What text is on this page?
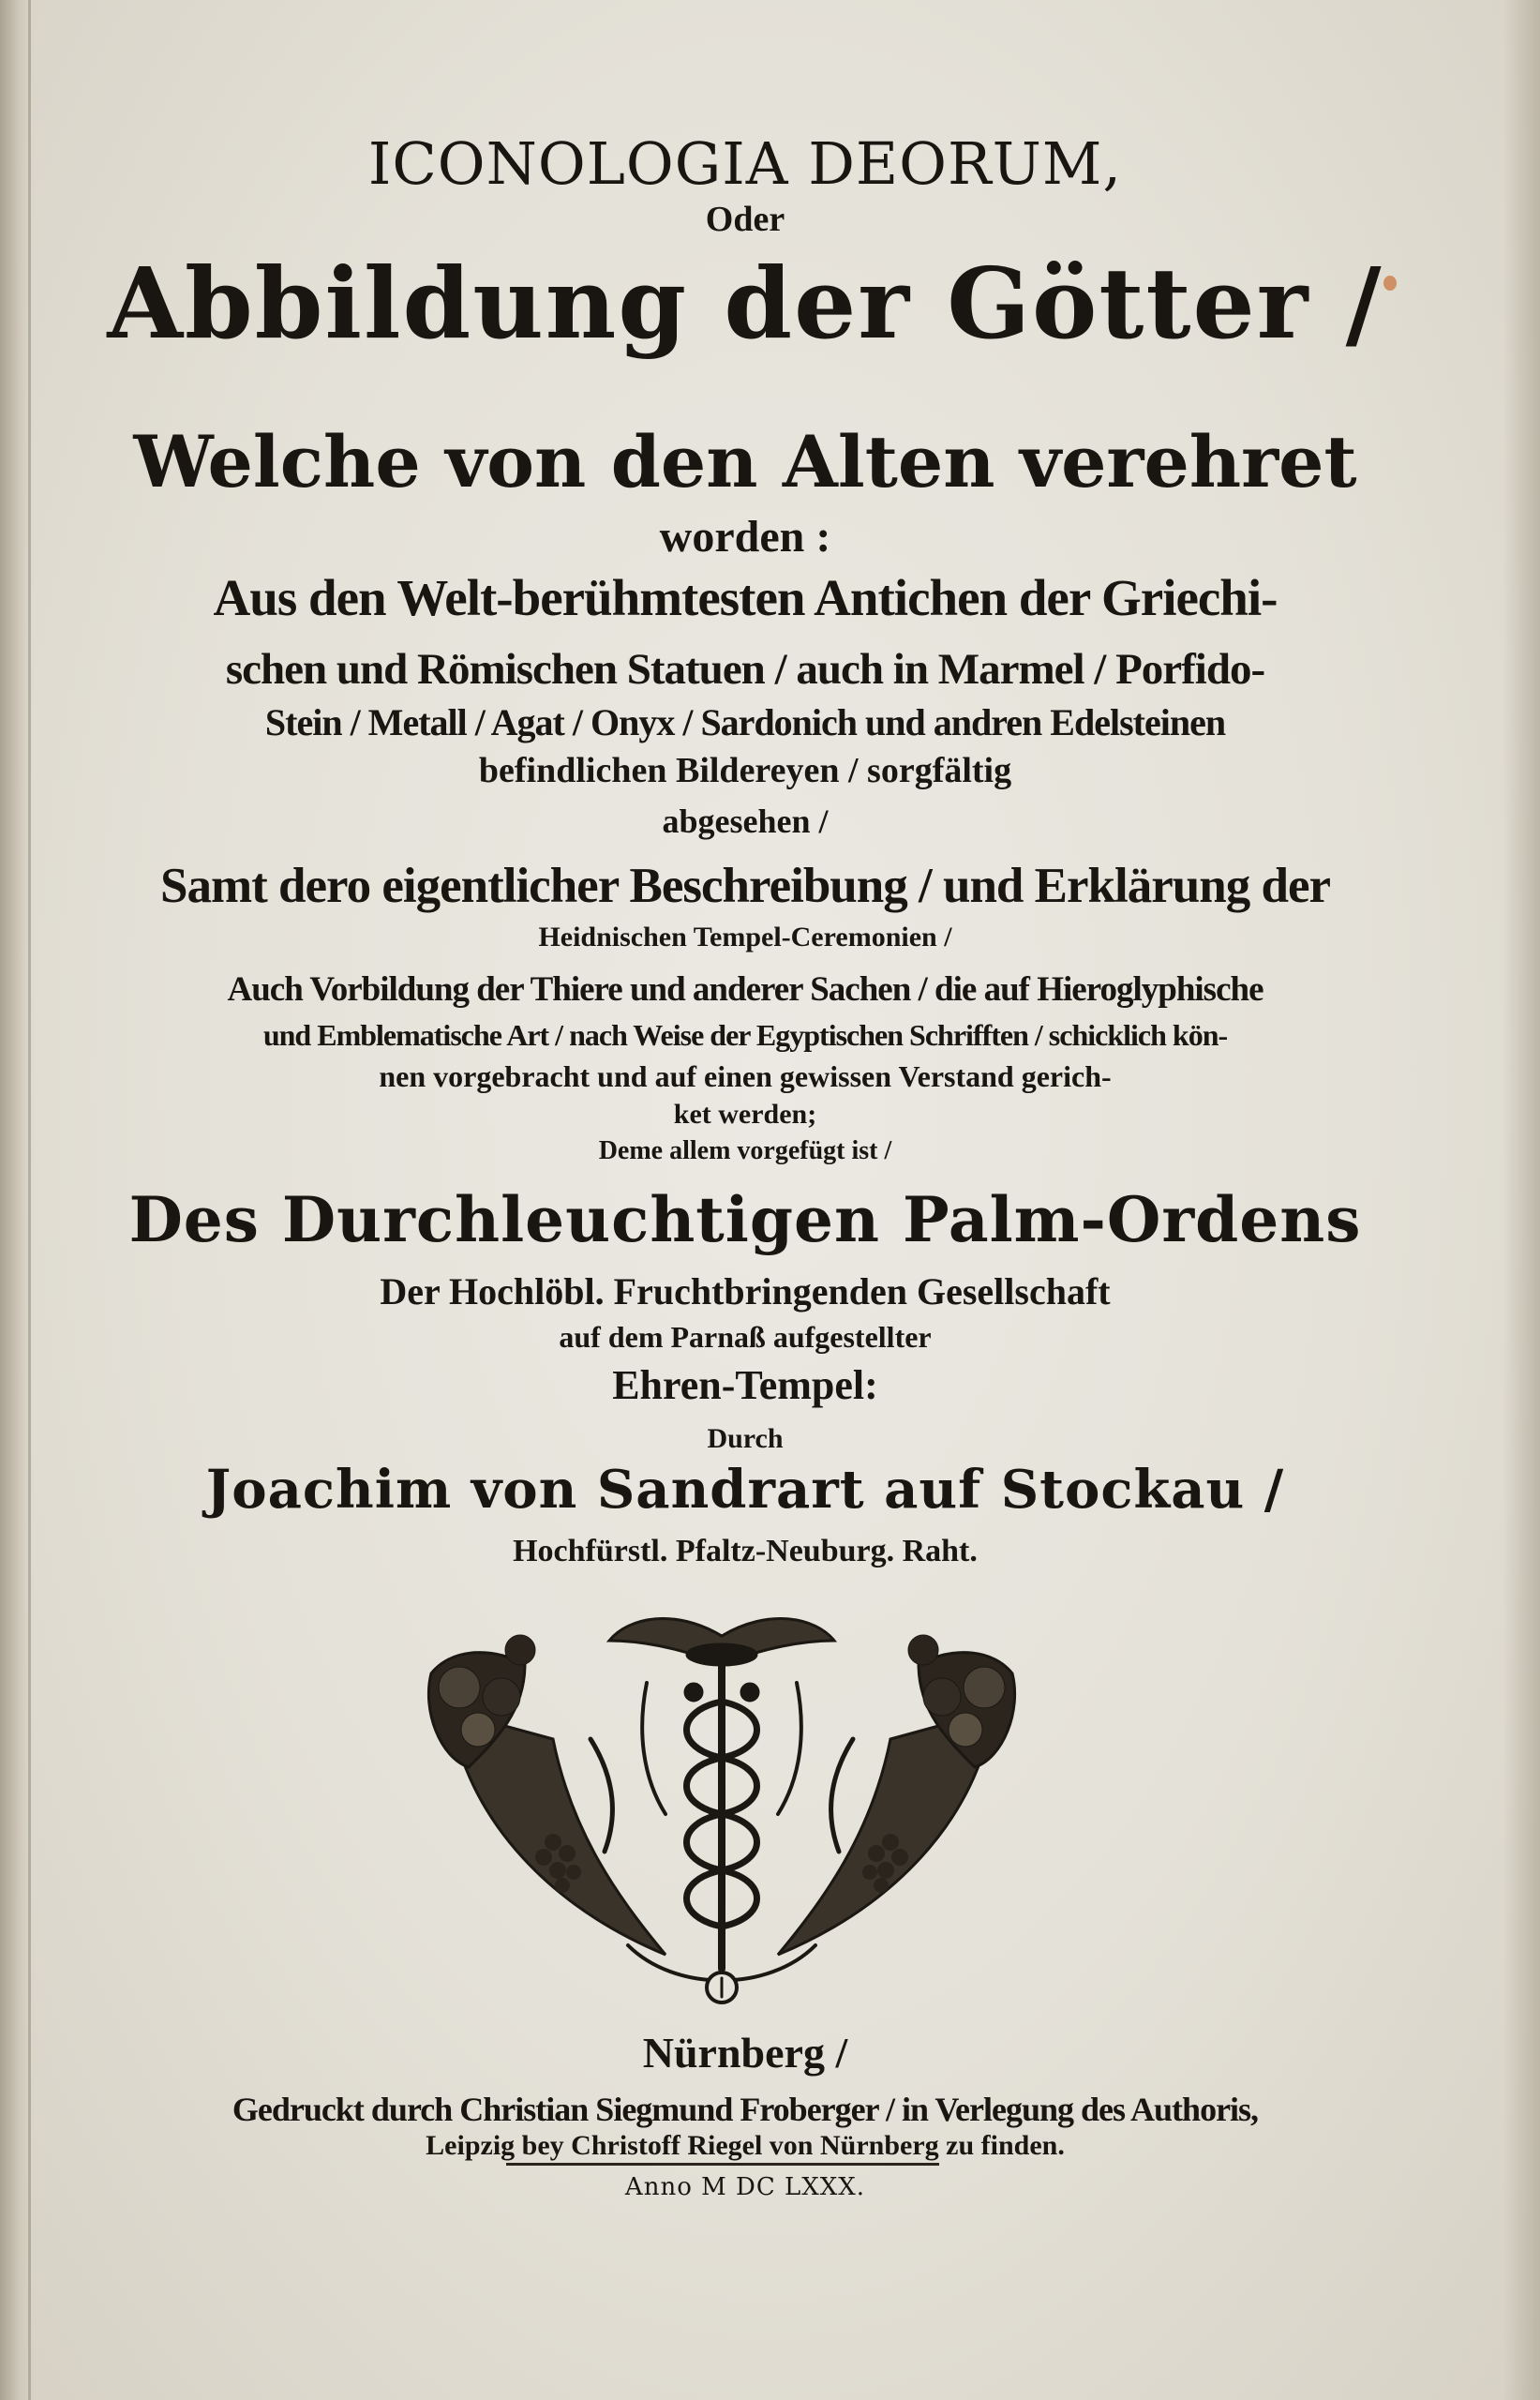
ICONOLOGIA DEORUM,
Oder
Abbildung der Götter /
Welche von den Alten verehret
worden :
Aus den Welt-berühmtesten Antichen der Griechi-
schen und Römischen Statuen / auch in Marmel / Porfido-
Stein / Metall / Agat / Onyx / Sardonich und andren Edelsteinen
befindlichen Bildereyen / sorgfältig
abgesehen /
Samt dero eigentlicher Beschreibung / und Erklärung der
Heidnischen Tempel-Ceremonien /
Auch Vorbildung der Thiere und anderer Sachen / die auf Hieroglyphische
und Emblematische Art / nach Weise der Egyptischen Schrifften / schicklich kön-
nen vorgebracht und auf einen gewissen Verstand gerich-
ket werden;
Deme allem vorgefügt ist /
Des Durchleuchtigen Palm-Ordens
Der Hochlöbl. Fruchtbringenden Gesellschaft
auf dem Parnaß aufgestellter
Ehren-Tempel:
Durch
Joachim von Sandrart auf Stockau /
Hochfürstl. Pfaltz-Neuburg. Raht.
Nürnberg /
Gedruckt durch Christian Siegmund Froberger / in Verlegung des Authoris,
Leipzig bey Christoff Riegel von Nürnberg zu finden.
Anno M DC LXXX.
